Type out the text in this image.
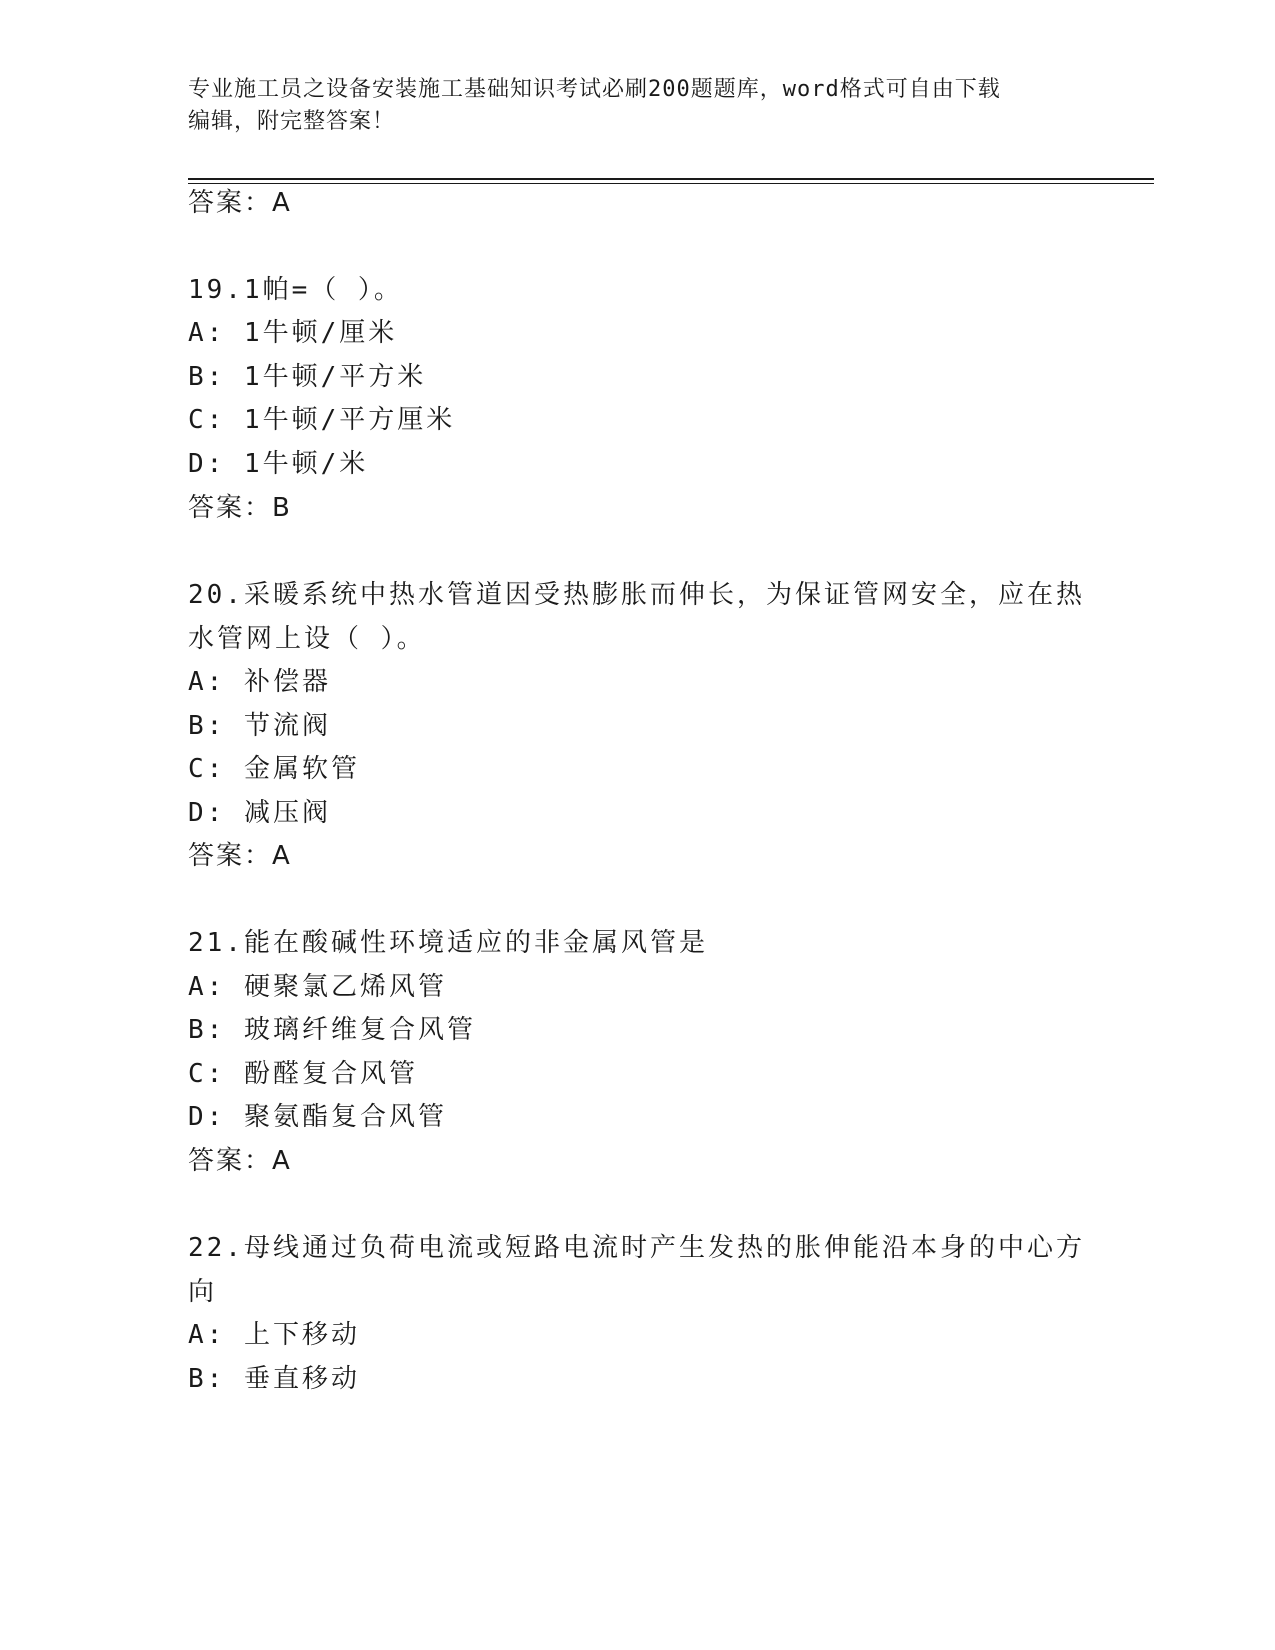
专业施工员之设备安装施工基础知识考试必刷200题题库，word格式可自由下载
编辑，附完整答案！
答案：A
19.1帕=（ ）。
A: 1牛顿/厘米
B: 1牛顿/平方米
C: 1牛顿/平方厘米
D: 1牛顿/米
答案：B
20.采暖系统中热水管道因受热膨胀而伸长，为保证管网安全，应在热
水管网上设（ ）。
A: 补偿器
B: 节流阀
C: 金属软管
D: 减压阀
答案：A
21.能在酸碱性环境适应的非金属风管是
A: 硬聚氯乙烯风管
B: 玻璃纤维复合风管
C: 酚醛复合风管
D: 聚氨酯复合风管
答案：A
22.母线通过负荷电流或短路电流时产生发热的胀伸能沿本身的中心方
向
A: 上下移动
B: 垂直移动
